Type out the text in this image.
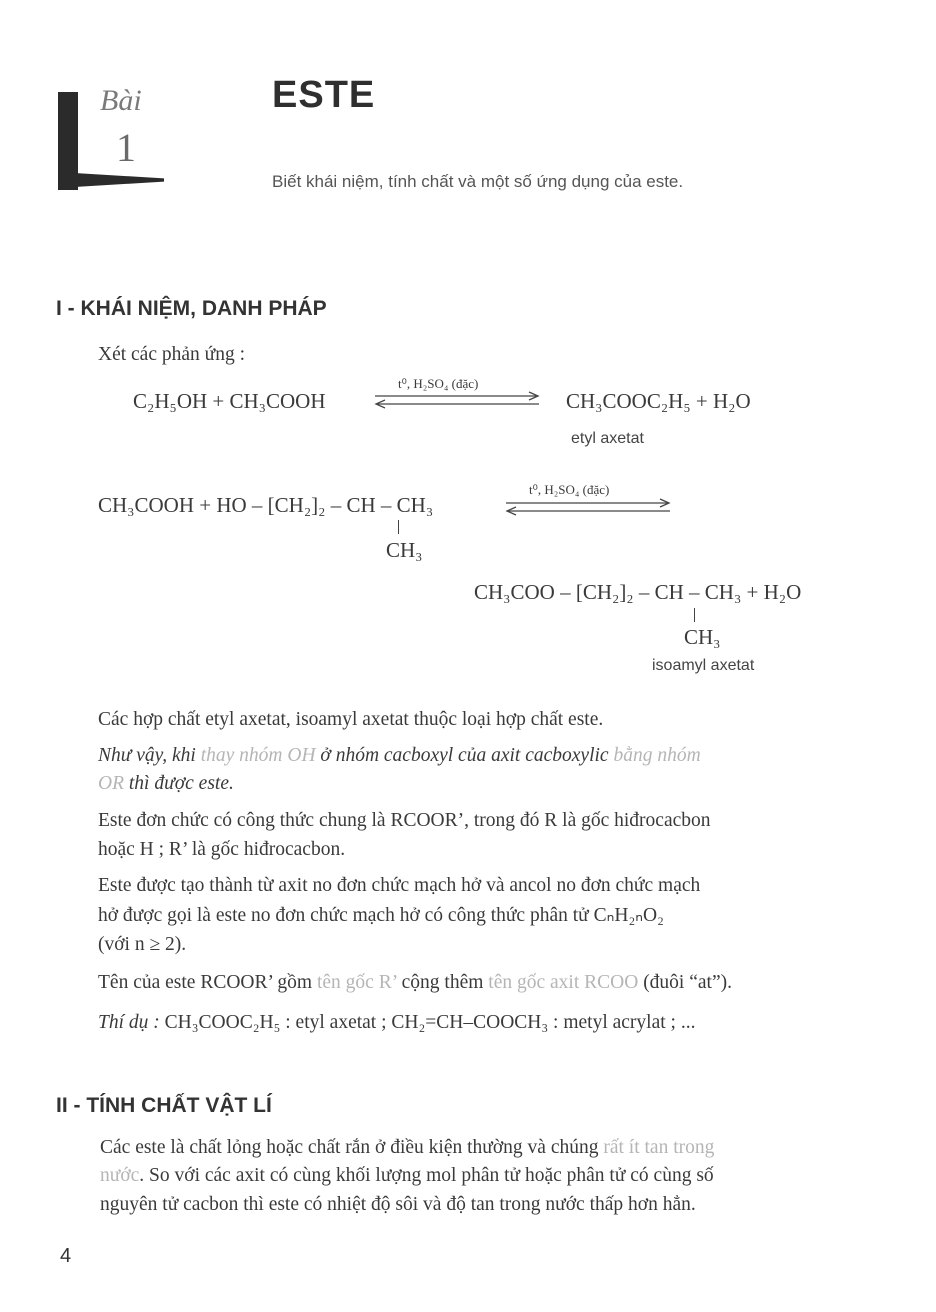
Bài
1
ESTE
Biết khái niệm, tính chất và một số ứng dụng của este.
I - KHÁI NIỆM, DANH PHÁP
Xét các phản ứng :
C₂H₅OH + CH₃COOH
t⁰, H₂SO₄ (đặc)
CH₃COOC₂H₅ + H₂O
etyl axetat
CH₃COOH + HO – [CH₂]₂ – CH – CH₃
CH₃
t⁰, H₂SO₄ (đặc)
CH₃COO – [CH₂]₂ – CH – CH₃ + H₂O
CH₃
isoamyl axetat
Các hợp chất etyl axetat, isoamyl axetat thuộc loại hợp chất este.
Như vậy, khi thay nhóm OH ở nhóm cacboxyl của axit cacboxylic bằng nhóm
OR thì được este.
Este đơn chức có công thức chung là RCOOR’, trong đó R là gốc hiđrocacbon
hoặc H ; R’ là gốc hiđrocacbon.
Este được tạo thành từ axit no đơn chức mạch hở và ancol no đơn chức mạch
hở được gọi là este no đơn chức mạch hở có công thức phân tử CₙH₂ₙO₂
(với n ≥ 2).
Tên của este RCOOR’ gồm tên gốc R’ cộng thêm tên gốc axit RCOO (đuôi “at”).
Thí dụ : CH₃COOC₂H₅ : etyl axetat ; CH₂=CH–COOCH₃ : metyl acrylat ; ...
II - TÍNH CHẤT VẬT LÍ
Các este là chất lỏng hoặc chất rắn ở điều kiện thường và chúng rất ít tan trong
nước. So với các axit có cùng khối lượng mol phân tử hoặc phân tử có cùng số
nguyên tử cacbon thì este có nhiệt độ sôi và độ tan trong nước thấp hơn hẳn.
4
